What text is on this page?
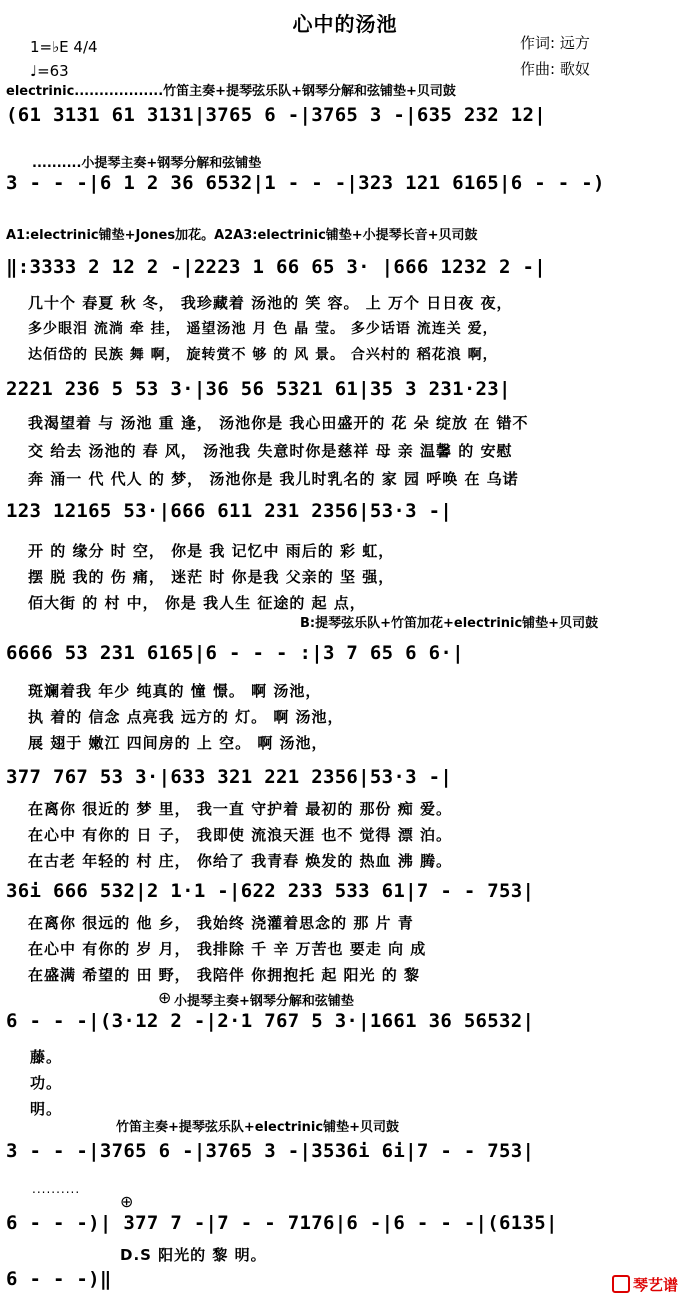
心中的汤池
1=♭E 4/4
♩=63
作词: 远方
作曲: 歌奴
electrinic..................竹笛主奏+提琴弦乐队+钢琴分解和弦铺垫+贝司鼓
(61 3131 61 3131|3765 6 -|3765 3 -|635 232 12|
..........小提琴主奏+钢琴分解和弦铺垫
3 - - -|6 1 2 36 6532|1 - - -|323 121 6165|6 - - -)
A1:electrinic铺垫+Jones加花。A2A3:electrinic铺垫+小提琴长音+贝司鼓
‖:3333 2 12 2 -|2223 1 66 65 3· |666 1232 2 -|
几十个 春夏 秋 冬， 我珍藏着 汤池的 笑 容。 上 万个 日日夜 夜，
多少眼泪 流淌 牵 挂， 遥望汤池 月 色 晶 莹。 多少话语 流连关 爱，
达佰岱的 民族 舞 啊， 旋转赏不 够 的 风 景。 合兴村的 稻花浪 啊，
2221 236 5 53 3·|36 56 5321 61|35 3 231·23|
我渴望着 与 汤池 重 逢， 汤池你是 我心田盛开的 花 朵 绽放 在 错不
交 给去 汤池的 春 风， 汤池我 失意时你是慈祥 母 亲 温馨 的 安慰
奔 涌一 代 代人 的 梦， 汤池你是 我儿时乳名的 家 园 呼唤 在 乌诺
123 12165 53·|666 611 231 2356|53·3 -|
开 的 缘分 时 空， 你是 我 记忆中 雨后的 彩 虹，
摆 脱 我的 伤 痛， 迷茫 时 你是我 父亲的 坚 强，
佰大街 的 村 中， 你是 我人生 征途的 起 点，
B:提琴弦乐队+竹笛加花+electrinic铺垫+贝司鼓
6666 53 231 6165|6 - - - :|3 7 65 6 6·|
斑斓着我 年少 纯真的 憧 憬。 啊 汤池，
执 着的 信念 点亮我 远方的 灯。 啊 汤池，
展 翅于 嫩江 四间房的 上 空。 啊 汤池，
377 767 53 3·|633 321 221 2356|53·3 -|
在离你 很近的 梦 里， 我一直 守护着 最初的 那份 痴 爱。
在心中 有你的 日 子， 我即使 流浪天涯 也不 觉得 漂 泊。
在古老 年轻的 村 庄， 你给了 我青春 焕发的 热血 沸 腾。
36i 666 532|2 1·1 -|622 233 533 61|7 - - 753|
在离你 很远的 他 乡， 我始终 浇灌着思念的 那 片 青
在心中 有你的 岁 月， 我排除 千 辛 万苦也 要走 向 成
在盛满 希望的 田 野， 我陪伴 你拥抱托 起 阳光 的 黎
⊕ 小提琴主奏+钢琴分解和弦铺垫
6 - - -|(3·12 2 -|2·1 767 5 3·|1661 36 56532|
藤。
功。
明。
竹笛主奏+提琴弦乐队+electrinic铺垫+贝司鼓
3 - - -|3765 6 -|3765 3 -|3536i 6i|7 - - 753|
..........
⊕
6 - - -)| 377 7 -|7 - - 7176|6 -|6 - - -|(6135|
D.S 阳光的 黎 明。
6 - - -)‖	琴艺谱
